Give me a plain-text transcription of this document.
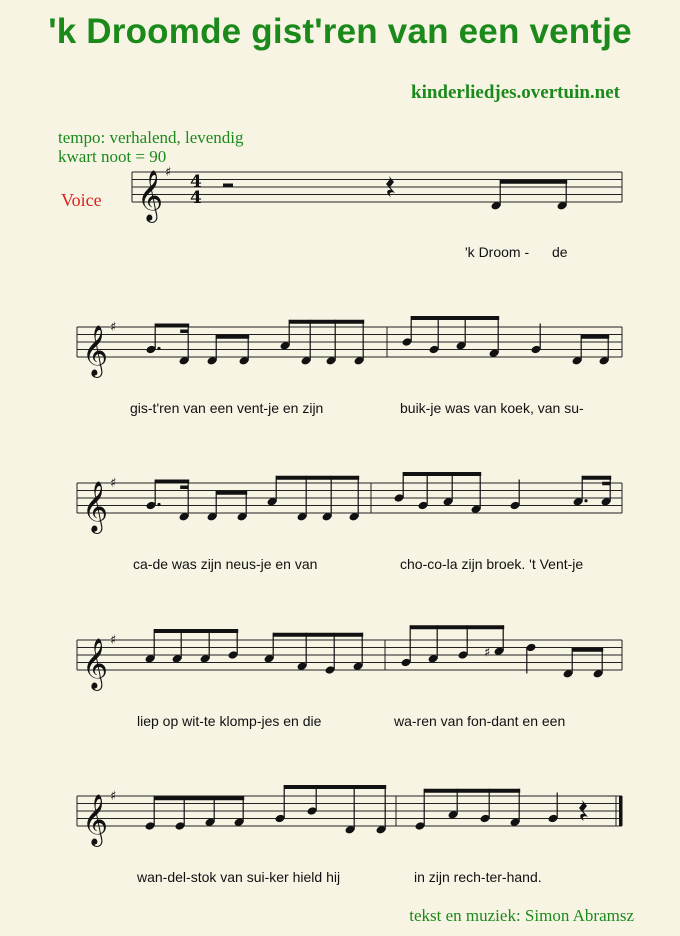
'k Droomde gist'ren van een ventje
kinderliedjes.overtuin.net
tempo: verhalend, levendig
kwart noot = 90
Voice 𝄞 ♯ 4
4
𝄞 ♯
𝄞 ♯
𝄞 ♯
♯
𝄞 ♯
'k Droom - de
gis-t'ren van een vent-je en zijn	buik-je was van koek, van su-
ca-de was zijn neus-je en van	cho-co-la zijn broek. 't Vent-je
liep op wit-te klomp-jes en die	wa-ren van fon-dant en een
wan-del-stok van sui-ker hield hij	in zijn rech-ter-hand.
tekst en muziek: Simon Abramsz
